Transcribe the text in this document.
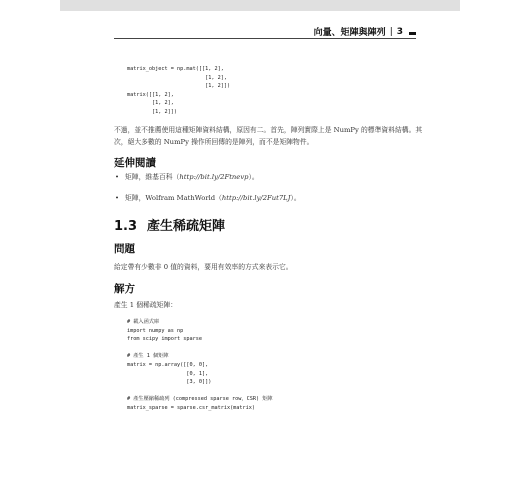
向量、矩陣與陣列 | 3
matrix_object = np.mat([[1, 2],
[1, 2],
[1, 2]])
matrix([[1, 2],
[1, 2],
[1, 2]])

不過，並不推薦使用這種矩陣資料結構，原因有二。首先，陣列實際上是 NumPy 的標準資料結構。其次，絕大多數的 NumPy 操作所回傳的是陣列，而不是矩陣物件。

延伸閱讀
• 矩陣，維基百科（http://bit.ly/2Ftnevp）。
• 矩陣，Wolfram MathWorld（http://bit.ly/2Fut7LJ）。
1.3 產生稀疏矩陣
問題

給定帶有少數非 0 值的資料，要用有效率的方式來表示它。

解方

產生 1 個稀疏矩陣：

# 載入函式庫
import numpy as np
from scipy import sparse

# 產生 1 個矩陣
matrix = np.array([[0, 0],
[0, 1],
[3, 0]])

# 產生壓縮稀疏列 (compressed sparse row，CSR) 矩陣
matrix_sparse = sparse.csr_matrix(matrix)
